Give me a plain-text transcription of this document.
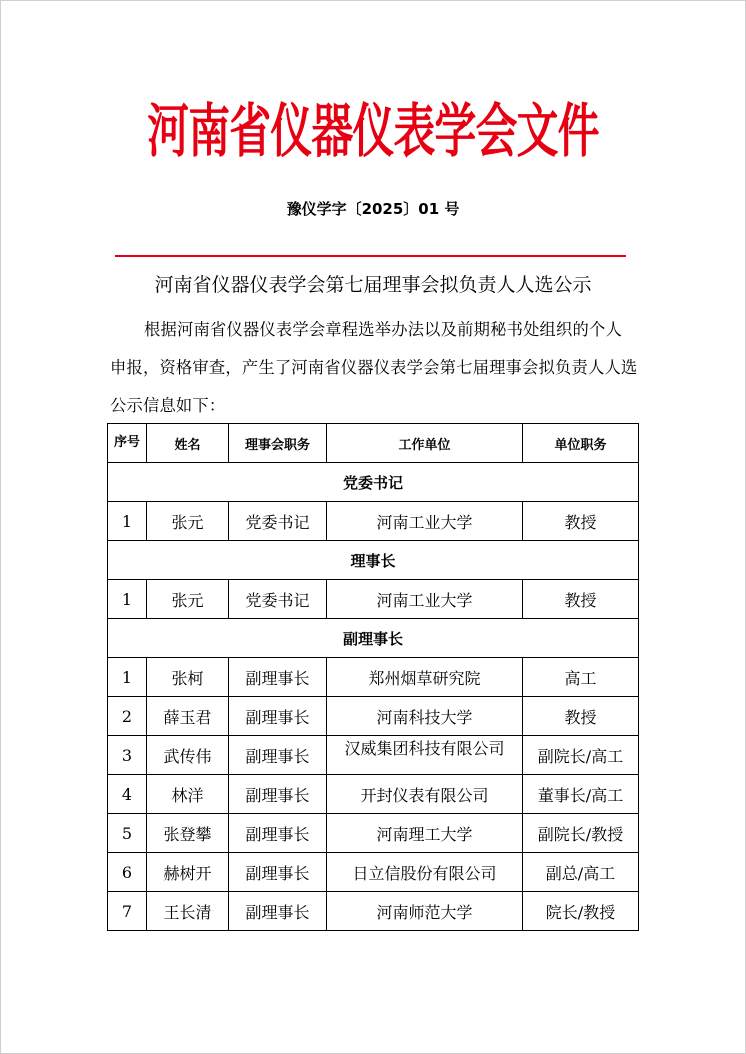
河南省仪器仪表学会文件
豫仪学字〔2025〕01 号
河南省仪器仪表学会第七届理事会拟负责人人选公示
根据河南省仪器仪表学会章程选举办法以及前期秘书处组织的个人申报，资格审查，产生了河南省仪器仪表学会第七届理事会拟负责人人选公示信息如下：
序号	姓名	理事会职务	工作单位	单位职务
党委书记				
1	张元	党委书记	河南工业大学	教授
理事长				
1	张元	党委书记	河南工业大学	教授
副理事长				
1	张柯	副理事长	郑州烟草研究院	高工
2	薛玉君	副理事长	河南科技大学	教授
3	武传伟	副理事长	汉威集团科技有限公司	副院长/高工
4	林洋	副理事长	开封仪表有限公司	董事长/高工
5	张登攀	副理事长	河南理工大学	副院长/教授
6	赫树开	副理事长	日立信股份有限公司	副总/高工
7	王长清	副理事长	河南师范大学	院长/教授
